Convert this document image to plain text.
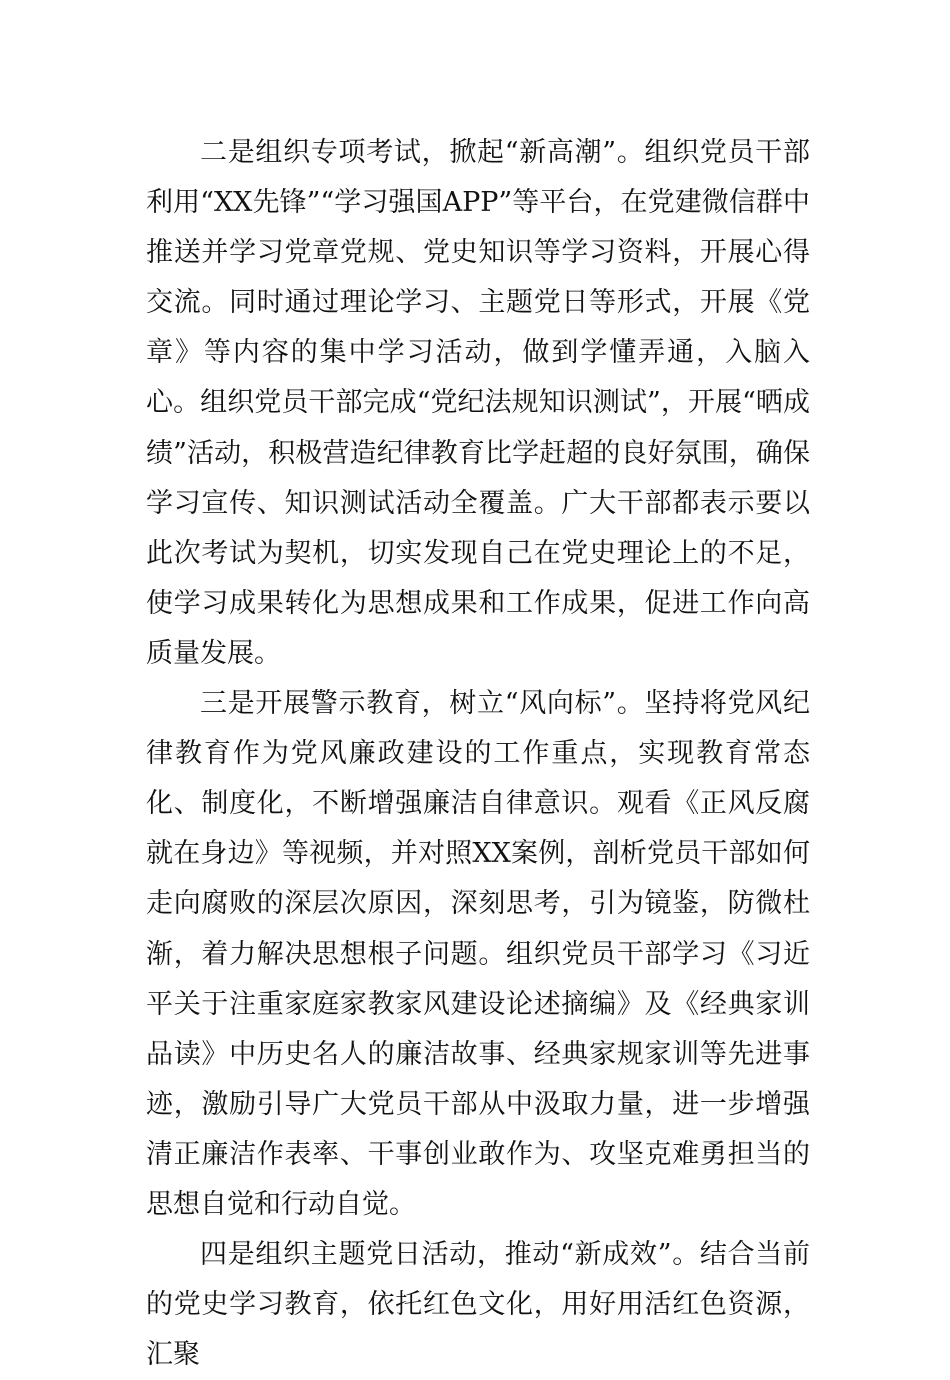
二是组织专项考试，掀起“新高潮”。组织党员干部利用“XX先锋”“学习强国APP”等平台，在党建微信群中推送并学习党章党规、党史知识等学习资料，开展心得交流。同时通过理论学习、主题党日等形式，开展《党章》等内容的集中学习活动，做到学懂弄通，入脑入心。组织党员干部完成“党纪法规知识测试”，开展“晒成绩”活动，积极营造纪律教育比学赶超的良好氛围，确保学习宣传、知识测试活动全覆盖。广大干部都表示要以此次考试为契机，切实发现自己在党史理论上的不足，使学习成果转化为思想成果和工作成果，促进工作向高质量发展。

三是开展警示教育，树立“风向标”。坚持将党风纪律教育作为党风廉政建设的工作重点，实现教育常态化、制度化，不断增强廉洁自律意识。观看《正风反腐就在身边》等视频，并对照XX案例，剖析党员干部如何走向腐败的深层次原因，深刻思考，引为镜鉴，防微杜渐，着力解决思想根子问题。组织党员干部学习《习近平关于注重家庭家教家风建设论述摘编》及《经典家训品读》中历史名人的廉洁故事、经典家规家训等先进事迹，激励引导广大党员干部从中汲取力量，进一步增强清正廉洁作表率、干事创业敢作为、攻坚克难勇担当的思想自觉和行动自觉。

四是组织主题党日活动，推动“新成效”。结合当前的党史学习教育，依托红色文化，用好用活红色资源，汇聚
